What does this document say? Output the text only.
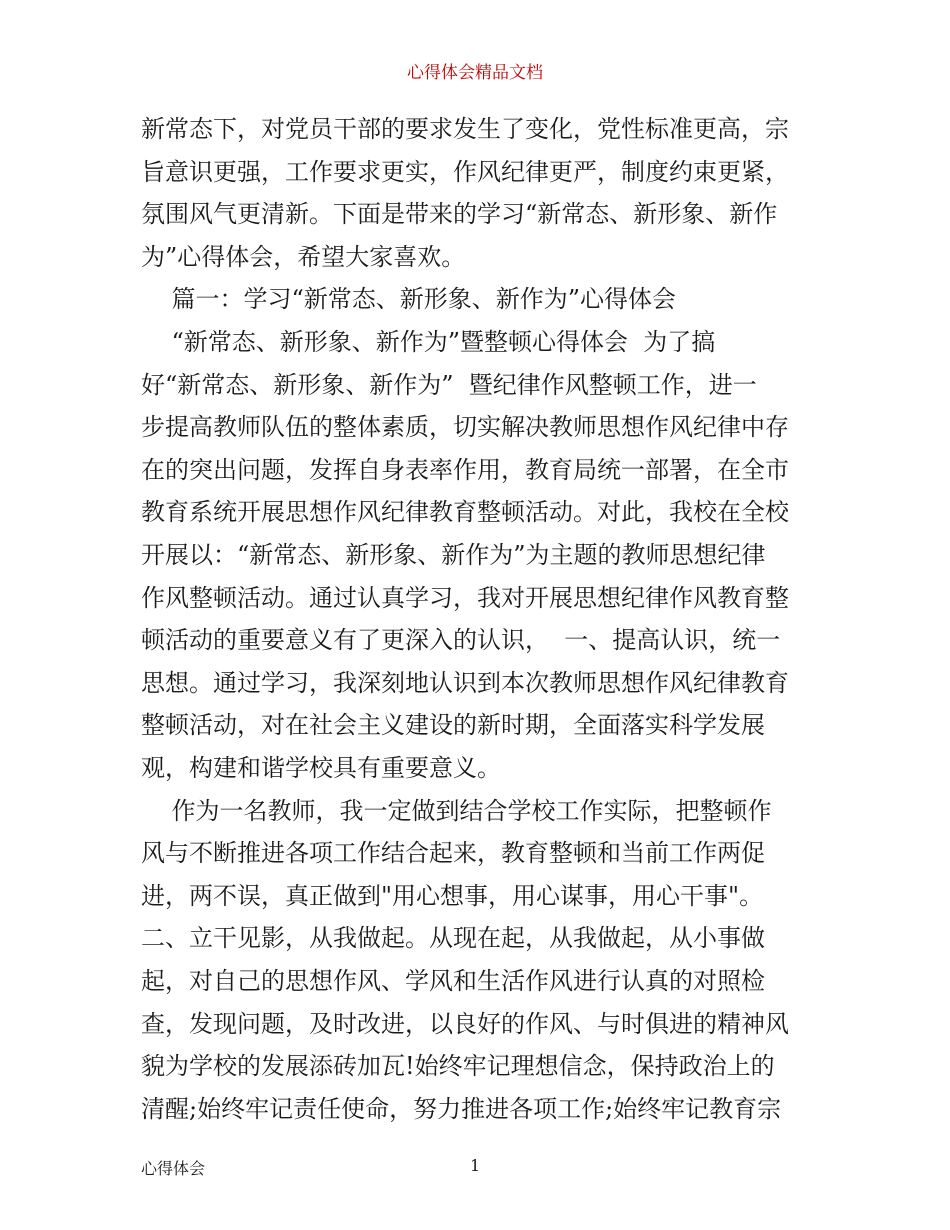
心得体会精品文档
新常态下，对党员干部的要求发生了变化，党性标准更高，宗
旨意识更强，工作要求更实，作风纪律更严，制度约束更紧，
氛围风气更清新。下面是带来的学习“新常态、新形象、新作
为”心得体会，希望大家喜欢。
篇一：学习“新常态、新形象、新作为”心得体会
“新常态、新形象、新作为”暨整顿心得体会  为了搞
好“新常态、新形象、新作为”  暨纪律作风整顿工作，进一
步提高教师队伍的整体素质，切实解决教师思想作风纪律中存
在的突出问题，发挥自身表率作用，教育局统一部署，在全市
教育系统开展思想作风纪律教育整顿活动。对此，我校在全校
开展以：“新常态、新形象、新作为”为主题的教师思想纪律
作风整顿活动。通过认真学习，我对开展思想纪律作风教育整
顿活动的重要意义有了更深入的认识，  一、提高认识，统一
思想。通过学习，我深刻地认识到本次教师思想作风纪律教育
整顿活动，对在社会主义建设的新时期，全面落实科学发展
观，构建和谐学校具有重要意义。
作为一名教师，我一定做到结合学校工作实际，把整顿作
风与不断推进各项工作结合起来，教育整顿和当前工作两促
进，两不误，真正做到"用心想事，用心谋事，用心干事"。
二、立干见影，从我做起。从现在起，从我做起，从小事做
起，对自己的思想作风、学风和生活作风进行认真的对照检
查，发现问题，及时改进，以良好的作风、与时俱进的精神风
貌为学校的发展添砖加瓦!始终牢记理想信念，保持政治上的
清醒;始终牢记责任使命，努力推进各项工作;始终牢记教育宗
心得体会	1
